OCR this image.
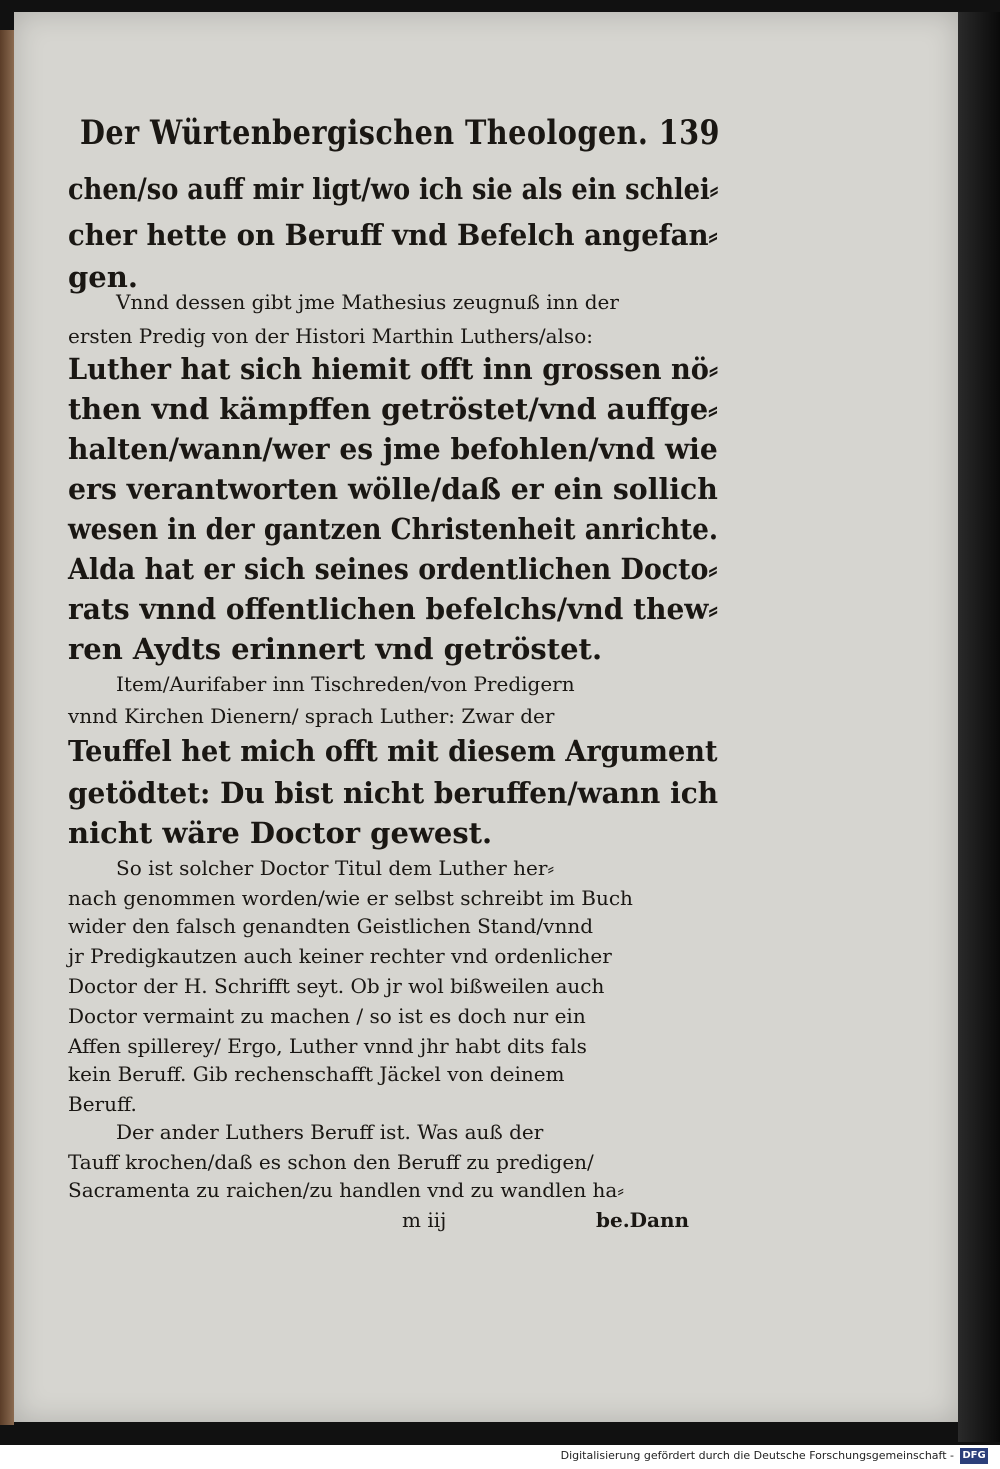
Der Würtenbergischen Theologen. 139
chen/so auff mir ligt/wo ich sie als ein schlei⸗
cher hette on Beruff vnd Befelch angefan⸗
gen.
Vnnd dessen gibt jme Mathesius zeugnuß inn der
ersten Predig von der Histori Marthin Luthers/also:
Luther hat sich hiemit offt inn grossen nö⸗
then vnd kämpffen getröstet/vnd auffge⸗
halten/wann/wer es jme befohlen/vnd wie
ers verantworten wölle/daß er ein sollich
wesen in der gantzen Christenheit anrichte.
Alda hat er sich seines ordentlichen Docto⸗
rats vnnd offentlichen befelchs/vnd thew⸗
ren Aydts erinnert vnd getröstet.
Item/Aurifaber inn Tischreden/von Predigern
vnnd Kirchen Dienern/ sprach Luther: Zwar der
Teuffel het mich offt mit diesem Argument
getödtet: Du bist nicht beruffen/wann ich
nicht wäre Doctor gewest.
So ist solcher Doctor Titul dem Luther her⸗
nach genommen worden/wie er selbst schreibt im Buch
wider den falsch genandten Geistlichen Stand/vnnd
jr Predigkautzen auch keiner rechter vnd ordenlicher
Doctor der H. Schrifft seyt. Ob jr wol bißweilen auch
Doctor vermaint zu machen / so ist es doch nur ein
Affen spillerey/ Ergo, Luther vnnd jhr habt dits fals
kein Beruff. Gib rechenschafft Jäckel von deinem
Beruff.
Der ander Luthers Beruff ist. Was auß der
Tauff krochen/daß es schon den Beruff zu predigen/
Sacramenta zu raichen/zu handlen vnd zu wandlen ha⸗
m iij	be.Dann
Digitalisierung gefördert durch die Deutsche Forschungsgemeinschaft - DFG
